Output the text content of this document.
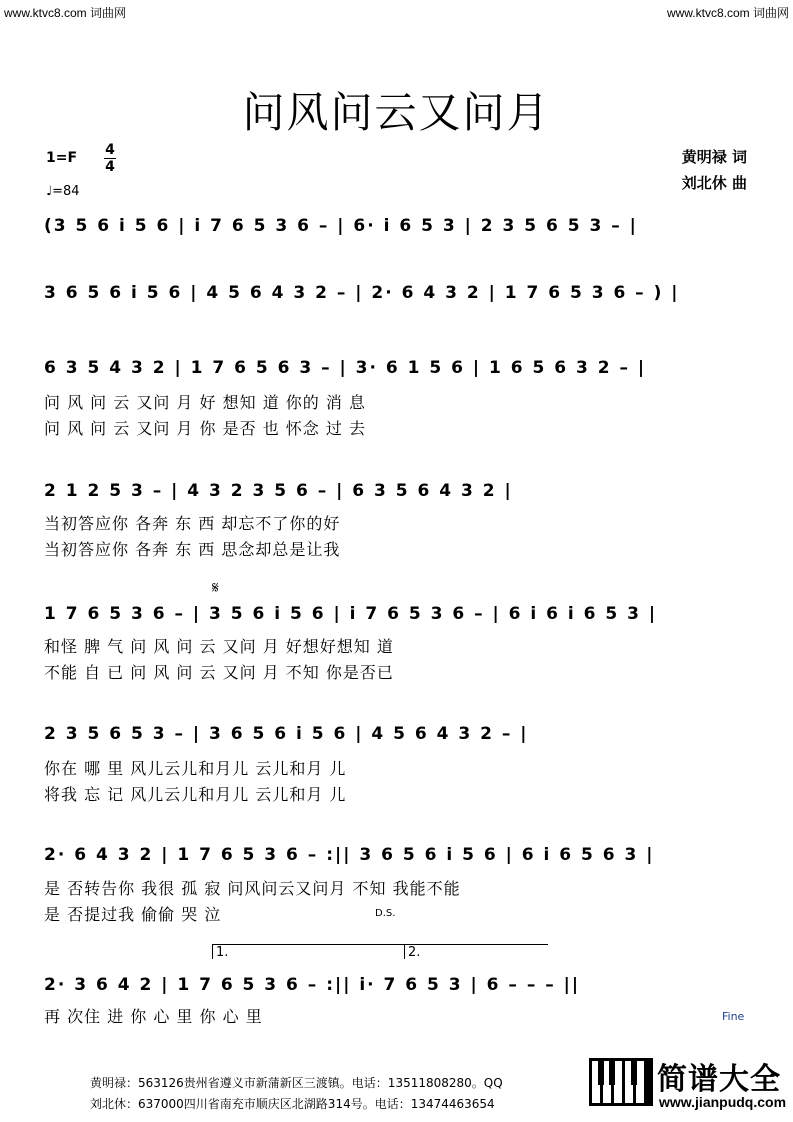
www.ktvc8.com 词曲网	www.ktvc8.com 词曲网
问风问云又问月
1=F 4
4
♩=84
黄明禄 词
刘北休 曲
(3 5 6 i 5 6 | i 7 6 5 3 6 – | 6· i 6 5 3 | 2 3 5 6 5 3 – |
3 6 5 6 i 5 6 | 4 5 6 4 3 2 – | 2· 6 4 3 2 | 1 7 6 5 3 6 – ) |
6 3 5 4 3 2 | 1 7 6 5 6 3 – | 3· 6 1 5 6 | 1 6 5 6 3 2 – |
问 风 问 云 又问 月 好 想知 道 你的 消 息
问 风 问 云 又问 月 你 是否 也 怀念 过 去
2 1 2 5 3 – | 4 3 2 3 5 6 – | 6 3 5 6 4 3 2 |
当初答应你 各奔 东 西 却忘不了你的好
当初答应你 各奔 东 西 思念却总是让我
𝄋
1 7 6 5 3 6 – | 3 5 6 i 5 6 | i 7 6 5 3 6 – | 6 i 6 i 6 5 3 |
和怪 脾 气 问 风 问 云 又问 月 好想好想知 道
不能 自 已 问 风 问 云 又问 月 不知 你是否已
2 3 5 6 5 3 – | 3 6 5 6 i 5 6 | 4 5 6 4 3 2 – |
你在 哪 里 风儿云儿和月儿 云儿和月 儿
将我 忘 记 风儿云儿和月儿 云儿和月 儿
2· 6 4 3 2 | 1 7 6 5 3 6 – :|| 3 6 5 6 i 5 6 | 6 i 6 5 6 3 |
是 否转告你 我很 孤 寂 问风问云又问月 不知 我能不能
是 否提过我 偷偷 哭 泣	D.S.
1.	2.
2· 3 6 4 2 | 1 7 6 5 3 6 – :|| i· 7 6 5 3 | 6 – – – ||
再 次住 进 你 心 里 你 心 里	Fine
黄明禄：563126贵州省遵义市新蒲新区三渡镇。电话：13511808280。QQ
刘北休：637000四川省南充市顺庆区北湖路314号。电话：13474463654
简谱大全
www.jianpudq.com
